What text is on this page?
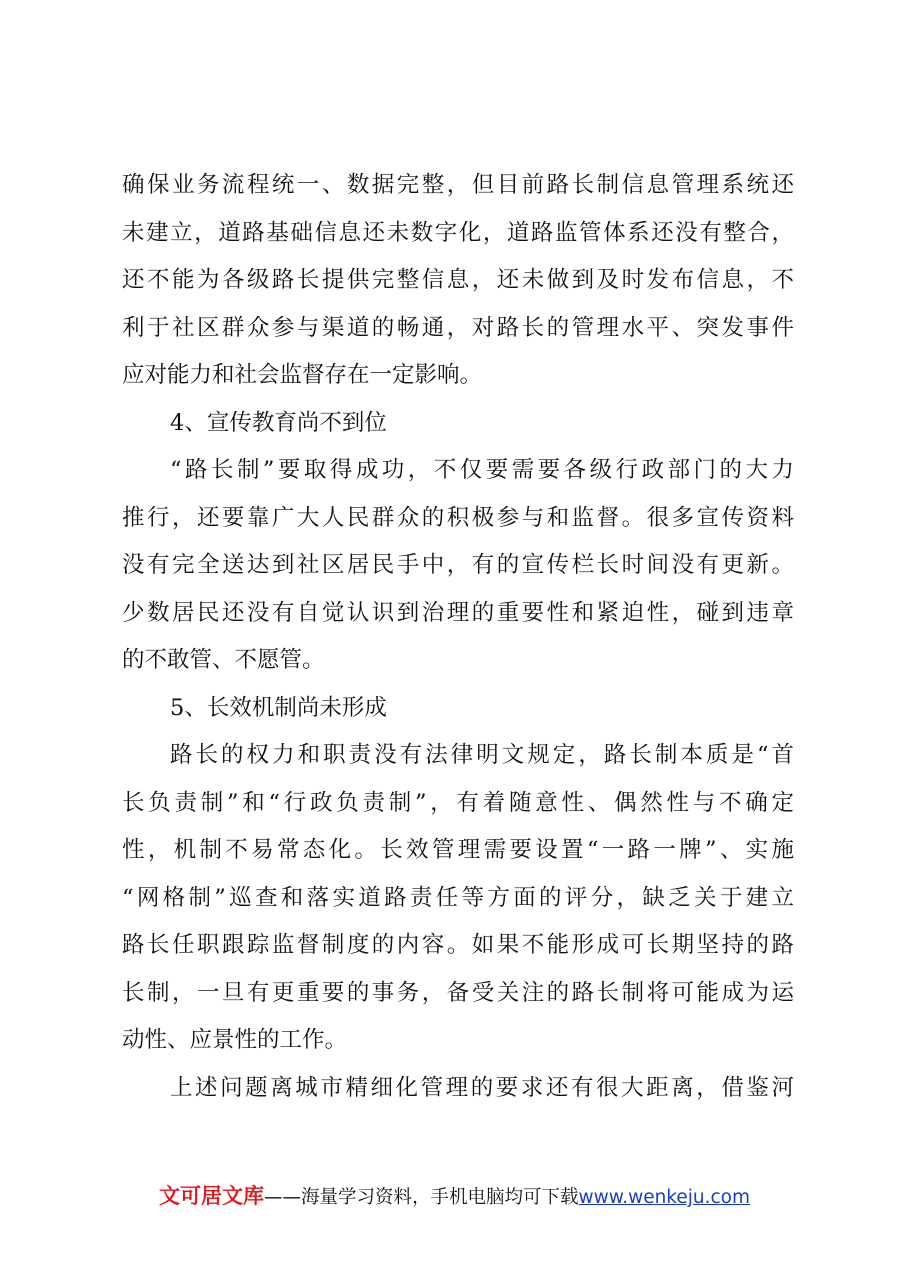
确保业务流程统一、数据完整，但目前路长制信息管理系统还
未建立，道路基础信息还未数字化，道路监管体系还没有整合，
还不能为各级路长提供完整信息，还未做到及时发布信息，不
利于社区群众参与渠道的畅通，对路长的管理水平、突发事件
应对能力和社会监督存在一定影响。
4、宣传教育尚不到位
“路长制”要取得成功，不仅要需要各级行政部门的大力
推行，还要靠广大人民群众的积极参与和监督。很多宣传资料
没有完全送达到社区居民手中，有的宣传栏长时间没有更新。
少数居民还没有自觉认识到治理的重要性和紧迫性，碰到违章
的不敢管、不愿管。
5、长效机制尚未形成
路长的权力和职责没有法律明文规定，路长制本质是“首
长负责制”和“行政负责制”，有着随意性、偶然性与不确定
性，机制不易常态化。长效管理需要设置“一路一牌”、实施
“网格制”巡查和落实道路责任等方面的评分，缺乏关于建立
路长任职跟踪监督制度的内容。如果不能形成可长期坚持的路
长制，一旦有更重要的事务，备受关注的路长制将可能成为运
动性、应景性的工作。
上述问题离城市精细化管理的要求还有很大距离，借鉴河
文可居文库——海量学习资料，手机电脑均可下载www.wenkeju.com
